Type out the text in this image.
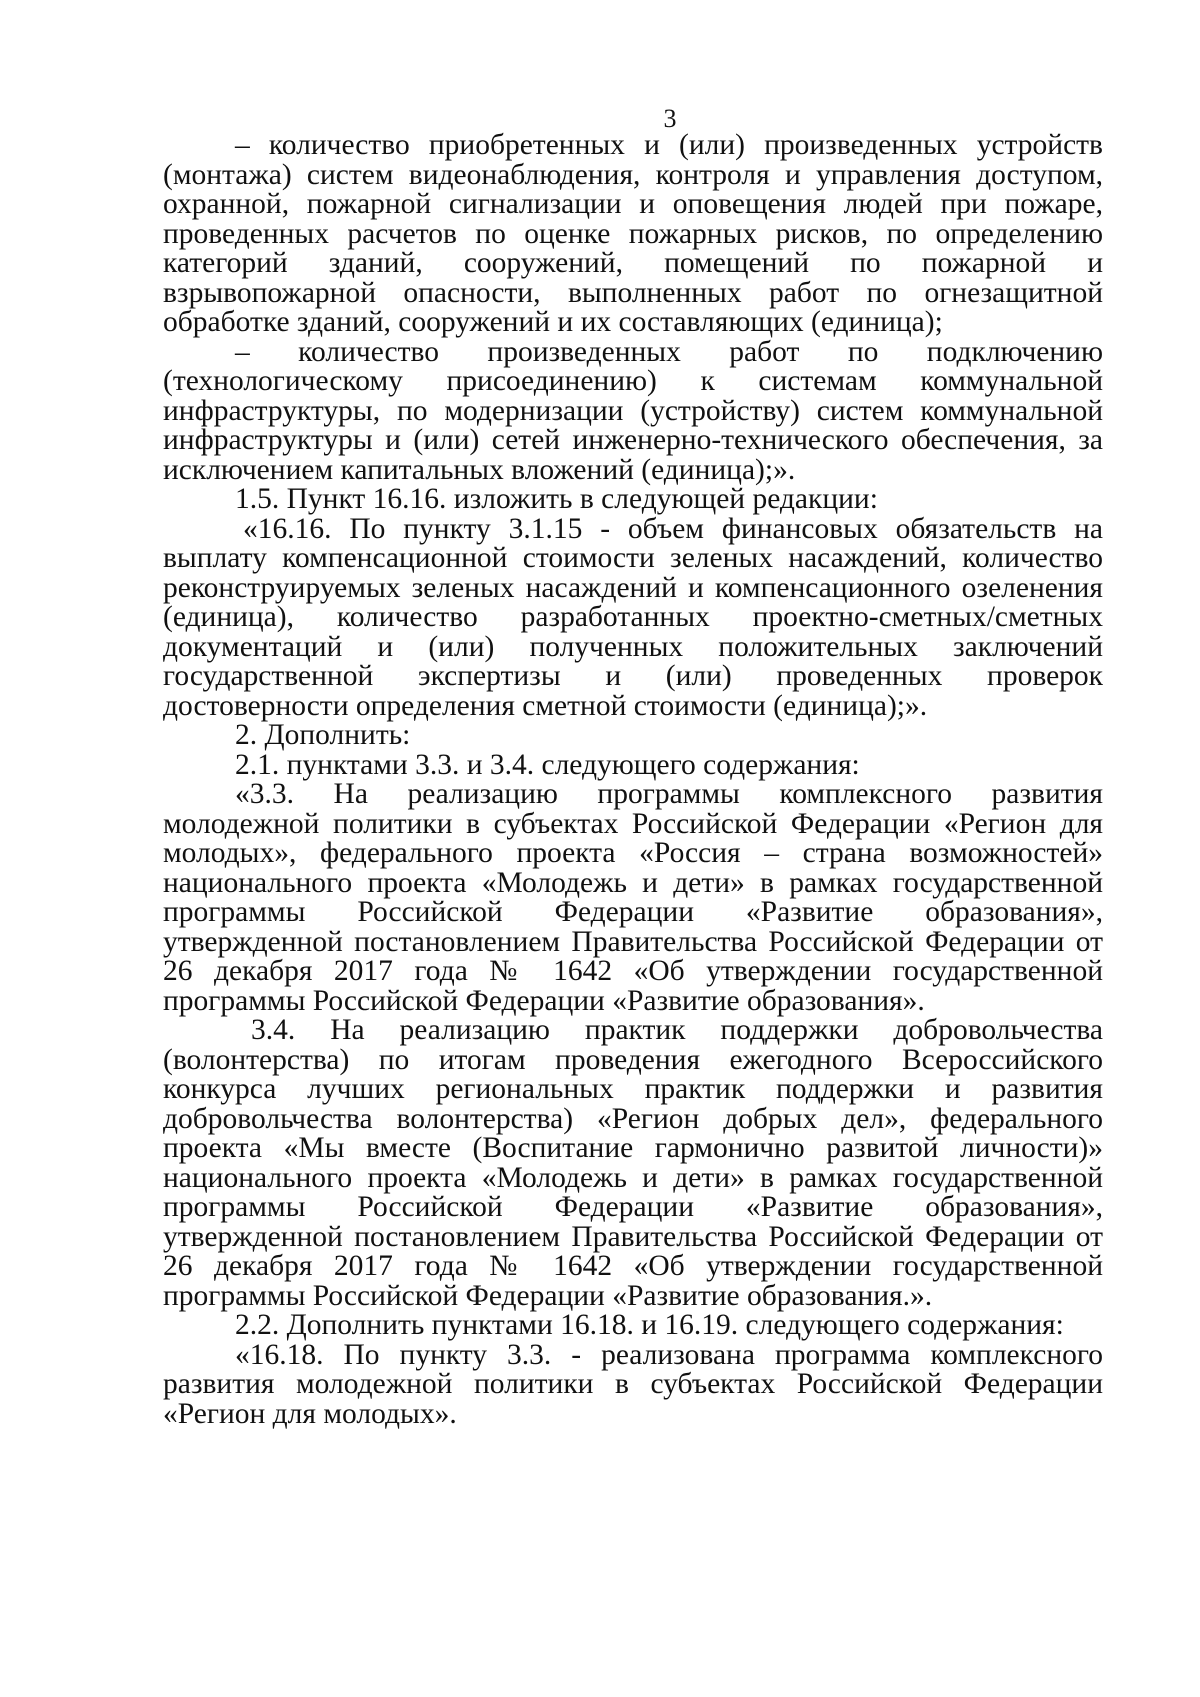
3

– количество приобретенных и (или) произведенных устройств (монтажа) систем видеонаблюдения, контроля и управления доступом, охранной, пожарной сигнализации и оповещения людей при пожаре, проведенных расчетов по оценке пожарных рисков, по определению категорий зданий, сооружений, помещений по пожарной и взрывопожарной опасности, выполненных работ по огнезащитной обработке зданий, сооружений и их составляющих (единица);

– количество произведенных работ по подключению (технологическому присоединению) к системам коммунальной инфраструктуры, по модернизации (устройству) систем коммунальной инфраструктуры и (или) сетей инженерно-технического обеспечения, за исключением капитальных вложений (единица);».

1.5. Пункт 16.16. изложить в следующей редакции:

«16.16. По пункту 3.1.15 - объем финансовых обязательств на выплату компенсационной стоимости зеленых насаждений, количество реконструируемых зеленых насаждений и компенсационного озеленения (единица), количество разработанных проектно-сметных/сметных документаций и (или) полученных положительных заключений государственной экспертизы и (или) проведенных проверок достоверности определения сметной стоимости (единица);».

2. Дополнить:

2.1. пунктами 3.3. и 3.4. следующего содержания:

«3.3. На реализацию программы комплексного развития молодежной политики в субъектах Российской Федерации «Регион для молодых», федерального проекта «Россия – страна возможностей» национального проекта «Молодежь и дети» в рамках государственной программы Российской Федерации «Развитие образования», утвержденной постановлением Правительства Российской Федерации от 26 декабря 2017 года № 1642 «Об утверждении государственной программы Российской Федерации «Развитие образования».

3.4. На реализацию практик поддержки добровольчества (волонтерства) по итогам проведения ежегодного Всероссийского конкурса лучших региональных практик поддержки и развития добровольчества волонтерства) «Регион добрых дел», федерального проекта «Мы вместе (Воспитание гармонично развитой личности)» национального проекта «Молодежь и дети» в рамках государственной программы Российской Федерации «Развитие образования», утвержденной постановлением Правительства Российской Федерации от 26 декабря 2017 года № 1642 «Об утверждении государственной программы Российской Федерации «Развитие образования.».

2.2. Дополнить пунктами 16.18. и 16.19. следующего содержания:

«16.18. По пункту 3.3. - реализована программа комплексного развития молодежной политики в субъектах Российской Федерации «Регион для молодых».
